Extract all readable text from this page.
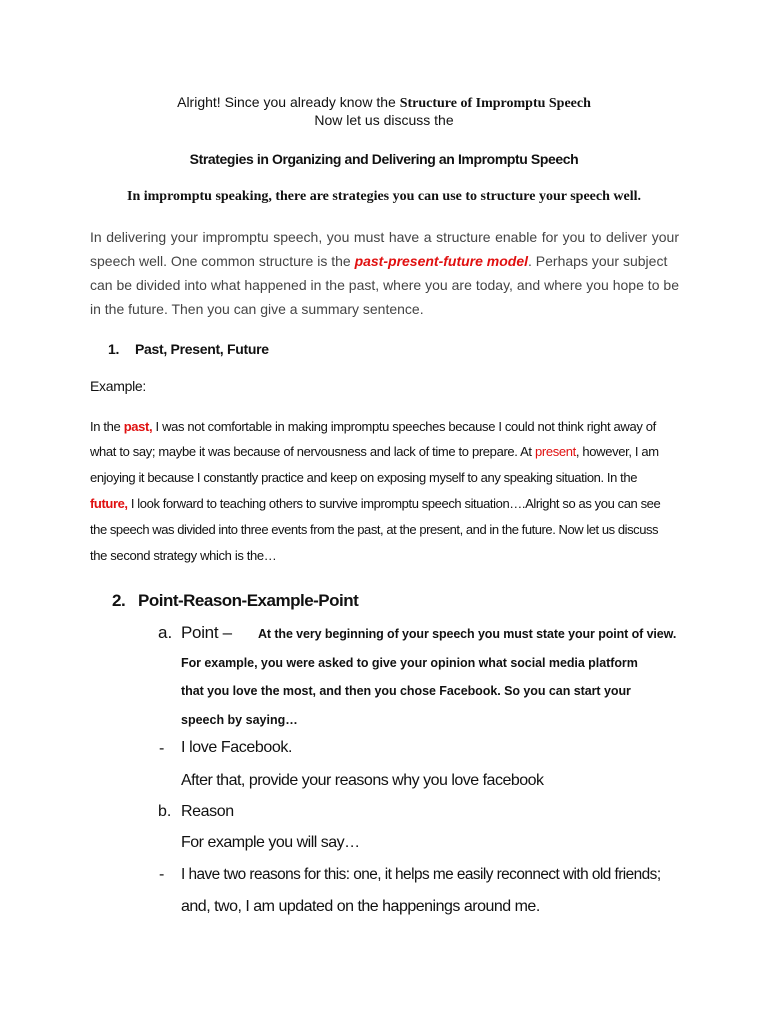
Alright! Since you already know the Structure of Impromptu Speech
Now let us discuss the
Strategies in Organizing and Delivering an Impromptu Speech
In impromptu speaking, there are strategies you can use to structure your speech well.
In delivering your impromptu speech, you must have a structure enable for you to deliver your
speech well. One common structure is the past-present-future model. Perhaps your subject
can be divided into what happened in the past, where you are today, and where you hope to be
in the future. Then you can give a summary sentence.
1. Past, Present, Future
Example:
In the past, I was not comfortable in making impromptu speeches because I could not think right away of
what to say; maybe it was because of nervousness and lack of time to prepare. At present, however, I am
enjoying it because I constantly practice and keep on exposing myself to any speaking situation. In the
future, I look forward to teaching others to survive impromptu speech situation….Alright so as you can see
the speech was divided into three events from the past, at the present, and in the future. Now let us discuss
the second strategy which is the…
2. Point-Reason-Example-Point
a. Point – At the very beginning of your speech you must state your point of view.
For example, you were asked to give your opinion what social media platform
that you love the most, and then you chose Facebook. So you can start your
speech by saying…
- I love Facebook.
After that, provide your reasons why you love facebook
b. Reason
For example you will say…
- I have two reasons for this: one, it helps me easily reconnect with old friends;
and, two, I am updated on the happenings around me.
